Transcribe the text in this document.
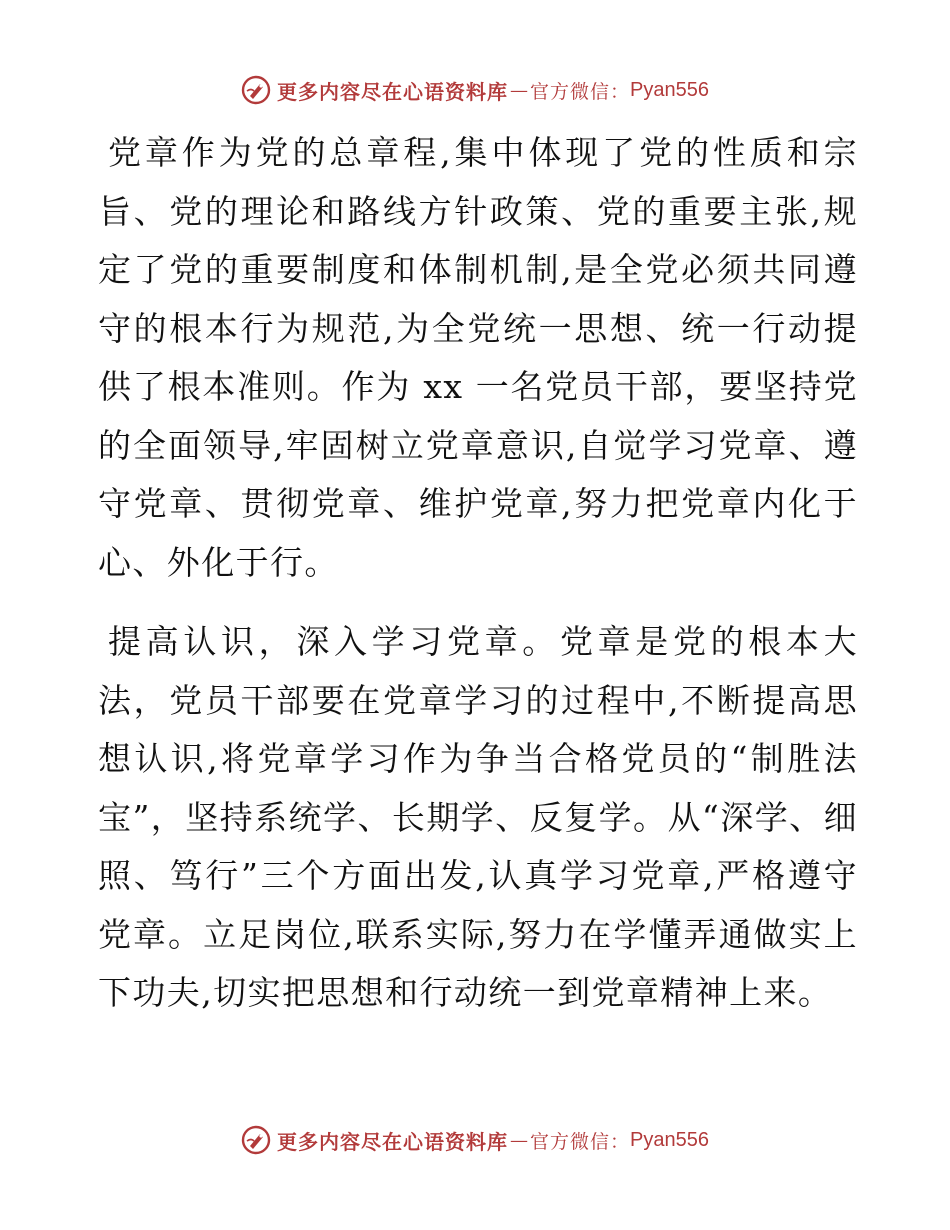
更多内容尽在心语资料库 — 官方微信： Pyan556

党章作为党的总章程,集中体现了党的性质和宗旨、党的理论和路线方针政策、党的重要主张,规定了党的重要制度和体制机制,是全党必须共同遵守的根本行为规范,为全党统一思想、统一行动提供了根本准则。作为 xx 一名党员干部，要坚持党的全面领导,牢固树立党章意识,自觉学习党章、遵守党章、贯彻党章、维护党章,努力把党章内化于心、外化于行。

提高认识，深入学习党章。党章是党的根本大法，党员干部要在党章学习的过程中,不断提高思想认识,将党章学习作为争当合格党员的“制胜法宝”，坚持系统学、长期学、反复学。从“深学、细照、笃行”三个方面出发,认真学习党章,严格遵守党章。立足岗位,联系实际,努力在学懂弄通做实上下功夫,切实把思想和行动统一到党章精神上来。

更多内容尽在心语资料库 — 官方微信： Pyan556
